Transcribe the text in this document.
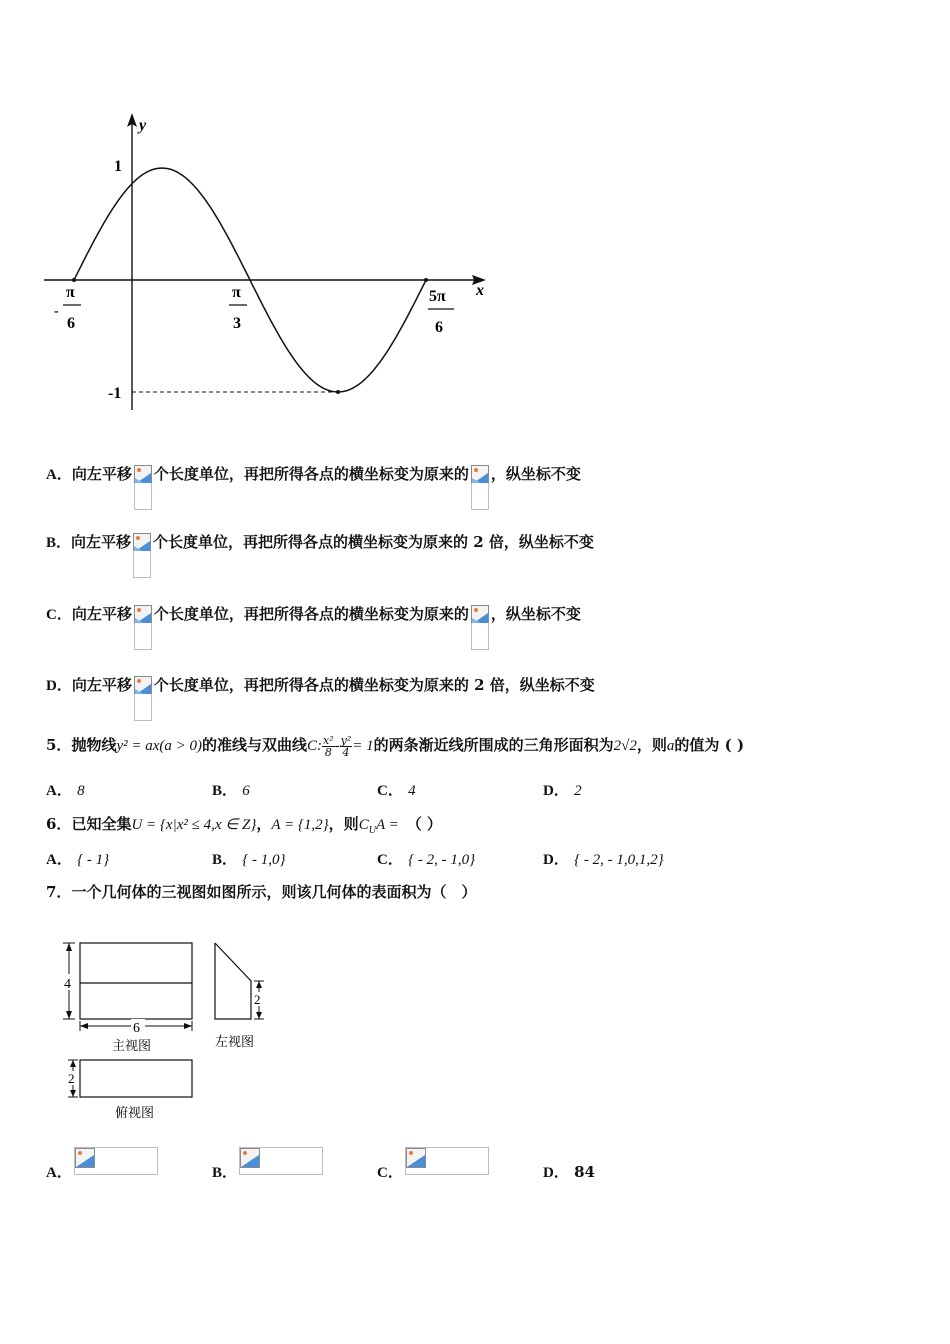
y
x
1
-1
-
π
6
π
3
5π
6
A．向左平移 个长度单位，再把所得各点的横坐标变为原来的 ，纵坐标不变
B．向左平移 个长度单位，再把所得各点的横坐标变为原来的 2 倍，纵坐标不变
C．向左平移 个长度单位，再把所得各点的横坐标变为原来的 ，纵坐标不变
D．向左平移 个长度单位，再把所得各点的横坐标变为原来的 2 倍，纵坐标不变
5．抛物线y² = ax(a > 0)的准线与双曲线C: $\frac{\text{x²}}{8} - \frac{\text{y²}}{4} = 1$的两条渐近线所围成的三角形面积为2√2，则a的值为 ( )
A． 8	B． 6	C． 4	D． 2
6．已知全集U = {x|x² ≤ 4,x ∈ Z}，A = {1,2}，则$C_UA$ = （ ）
A． { - 1}	B． { - 1,0}	C． { - 2, - 1,0}	D． { - 2, - 1,0,1,2}
7．一个几何体的三视图如图所示，则该几何体的表面积为（　）
4
6
主视图
2
左视图
2
俯视图
A．	B．	C．	D． 84
